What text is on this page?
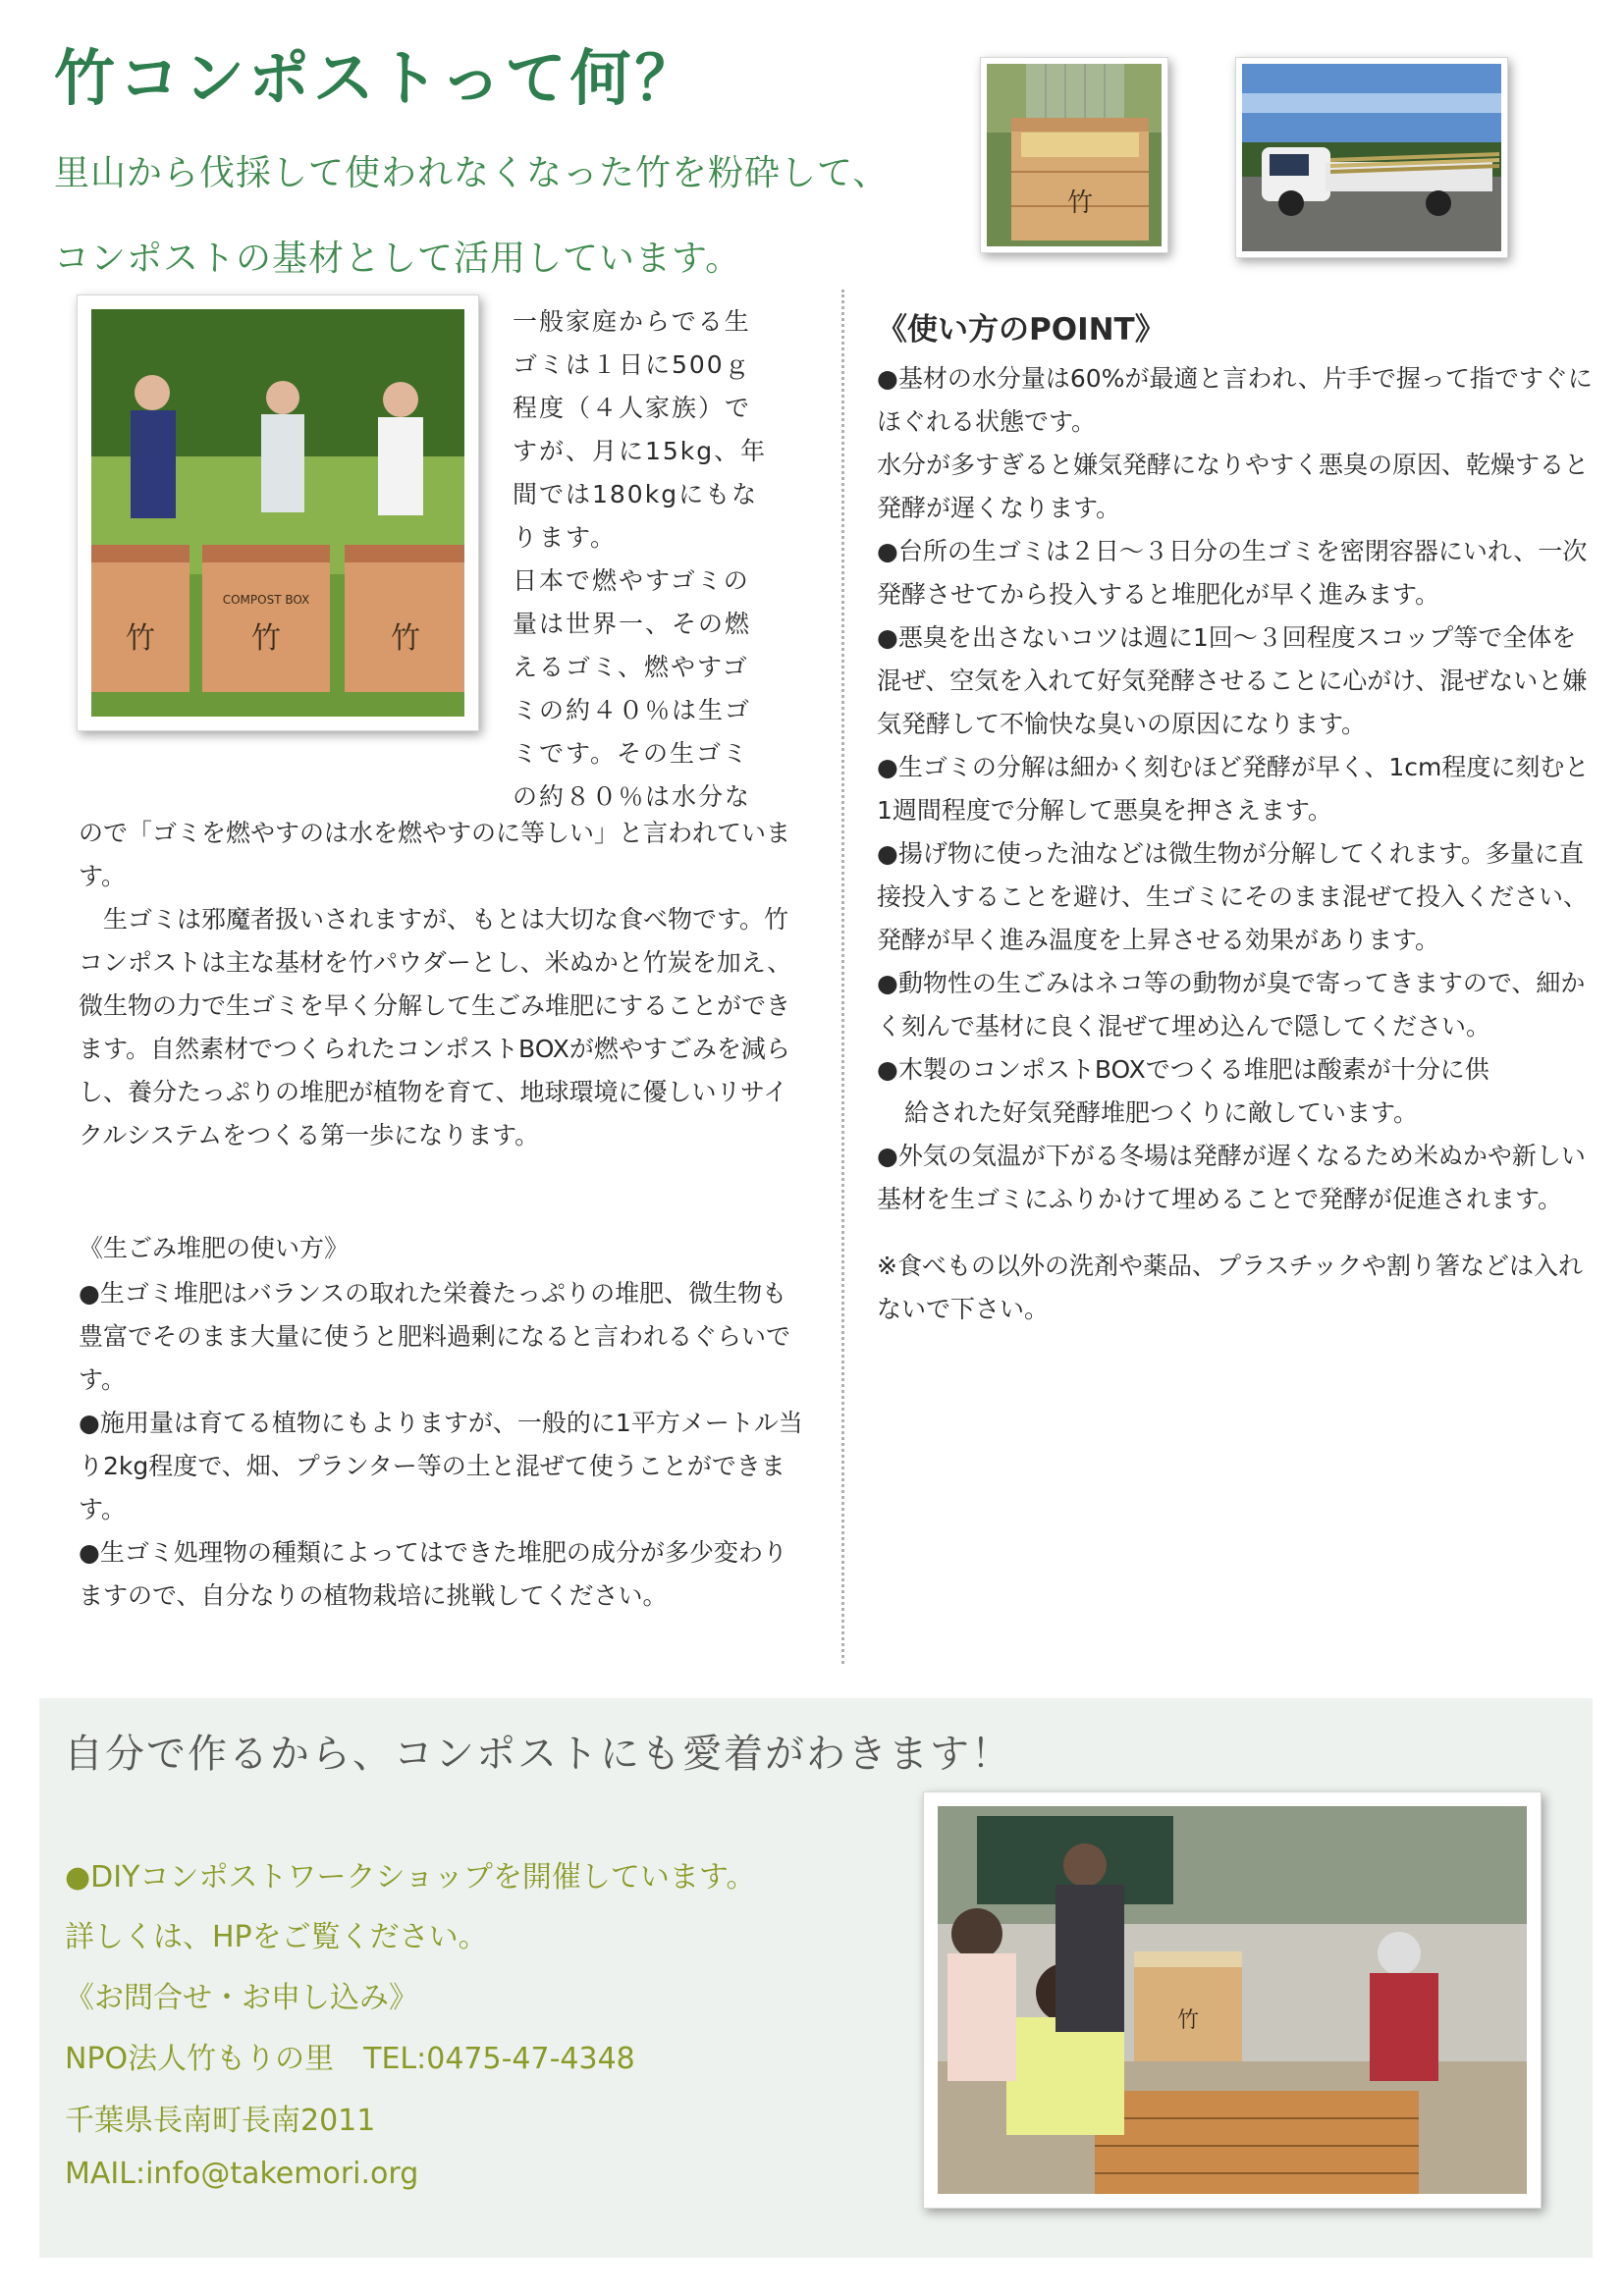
竹コンポストって何？
里山から伐採して使われなくなった竹を粉砕して、
コンポストの基材として活用しています。
竹
竹	竹	竹
COMPOST BOX

一般家庭からでる生

ゴミは１日に500ｇ

程度（４人家族）で

すが、月に15kg、年

間では180kgにもな

ります。

日本で燃やすゴミの

量は世界一、その燃

えるゴミ、燃やすゴ

ミの約４０％は生ゴ

ミです。その生ゴミ

の約８０％は水分な

ので「ゴミを燃やすのは水を燃やすのに等しい」と言われています。

生ゴミは邪魔者扱いされますが、もとは大切な食べ物です。竹コンポストは主な基材を竹パウダーとし、米ぬかと竹炭を加え、微生物の力で生ゴミを早く分解して生ごみ堆肥にすることができます。自然素材でつくられたコンポストBOXが燃やすごみを減らし、養分たっぷりの堆肥が植物を育て、地球環境に優しいリサイクルシステムをつくる第一歩になります。

《生ごみ堆肥の使い方》

●生ゴミ堆肥はバランスの取れた栄養たっぷりの堆肥、微生物も豊富でそのまま大量に使うと肥料過剰になると言われるぐらいです。

●施用量は育てる植物にもよりますが、一般的に1平方メートル当り2kg程度で、畑、プランター等の土と混ぜて使うことができます。

●生ゴミ処理物の種類によってはできた堆肥の成分が多少変わりますので、自分なりの植物栽培に挑戦してください。

《使い方のPOINT》

●基材の水分量は60%が最適と言われ、片手で握って指ですぐにほぐれる状態です。

水分が多すぎると嫌気発酵になりやすく悪臭の原因、乾燥すると発酵が遅くなります。

●台所の生ゴミは２日～３日分の生ゴミを密閉容器にいれ、一次発酵させてから投入すると堆肥化が早く進みます。

●悪臭を出さないコツは週に1回～３回程度スコップ等で全体を混ぜ、空気を入れて好気発酵させることに心がけ、混ぜないと嫌気発酵して不愉快な臭いの原因になります。

●生ゴミの分解は細かく刻むほど発酵が早く、1cm程度に刻むと1週間程度で分解して悪臭を押さえます。

●揚げ物に使った油などは微生物が分解してくれます。多量に直接投入することを避け、生ゴミにそのまま混ぜて投入ください、発酵が早く進み温度を上昇させる効果があります。

●動物性の生ごみはネコ等の動物が臭で寄ってきますので、細かく刻んで基材に良く混ぜて埋め込んで隠してください。

●木製のコンポストBOXでつくる堆肥は酸素が十分に供

給された好気発酵堆肥つくりに敵しています。

●外気の気温が下がる冬場は発酵が遅くなるため米ぬかや新しい基材を生ゴミにふりかけて埋めることで発酵が促進されます。

※食べもの以外の洗剤や薬品、プラスチックや割り箸などは入れないで下さい。

自分で作るから、コンポストにも愛着がわきます！
●DIYコンポストワークショップを開催しています。
詳しくは、HPをご覧ください。
《お問合せ・お申し込み》
NPO法人竹もりの里　TEL:0475-47-4348
千葉県長南町長南2011
MAIL:info@takemori.org
竹
